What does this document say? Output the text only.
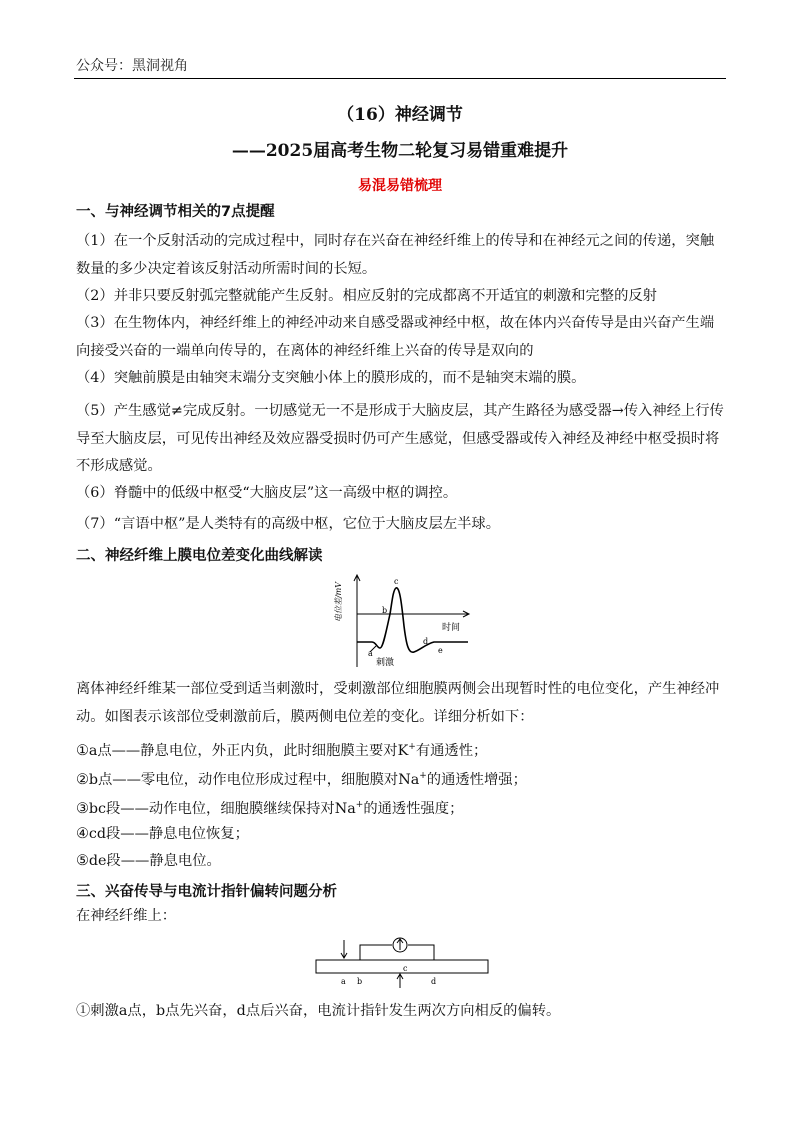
公众号：黑洞视角
（16）神经调节
——2025届高考生物二轮复习易错重难提升
易混易错梳理
一、与神经调节相关的7点提醒
（1）在一个反射活动的完成过程中，同时存在兴奋在神经纤维上的传导和在神经元之间的传递，突触数量的多少决定着该反射活动所需时间的长短。
（2）并非只要反射弧完整就能产生反射。相应反射的完成都离不开适宜的刺激和完整的反射
（3）在生物体内，神经纤维上的神经冲动来自感受器或神经中枢，故在体内兴奋传导是由兴奋产生端向接受兴奋的一端单向传导的，在离体的神经纤维上兴奋的传导是双向的
（4）突触前膜是由轴突末端分支突触小体上的膜形成的，而不是轴突末端的膜。
（5）产生感觉≠完成反射。一切感觉无一不是形成于大脑皮层，其产生路径为感受器→传入神经上行传导至大脑皮层，可见传出神经及效应器受损时仍可产生感觉，但感受器或传入神经及神经中枢受损时将不形成感觉。
（6）脊髓中的低级中枢受“大脑皮层”这一高级中枢的调控。
（7）“言语中枢”是人类特有的高级中枢，它位于大脑皮层左半球。
二、神经纤维上膜电位差变化曲线解读
电位差/mV
时间
刺激
a
b
c
d
e
离体神经纤维某一部位受到适当刺激时，受刺激部位细胞膜两侧会出现暂时性的电位变化，产生神经冲动。如图表示该部位受刺激前后，膜两侧电位差的变化。详细分析如下：
①a点——静息电位，外正内负，此时细胞膜主要对K+有通透性；
②b点——零电位，动作电位形成过程中，细胞膜对Na+的通透性增强；
③bc段——动作电位，细胞膜继续保持对Na+的通透性强度；
④cd段——静息电位恢复；
⑤de段——静息电位。
三、兴奋传导与电流计指针偏转问题分析
在神经纤维上：
a b
c
d
①刺激a点，b点先兴奋，d点后兴奋，电流计指针发生两次方向相反的偏转。
